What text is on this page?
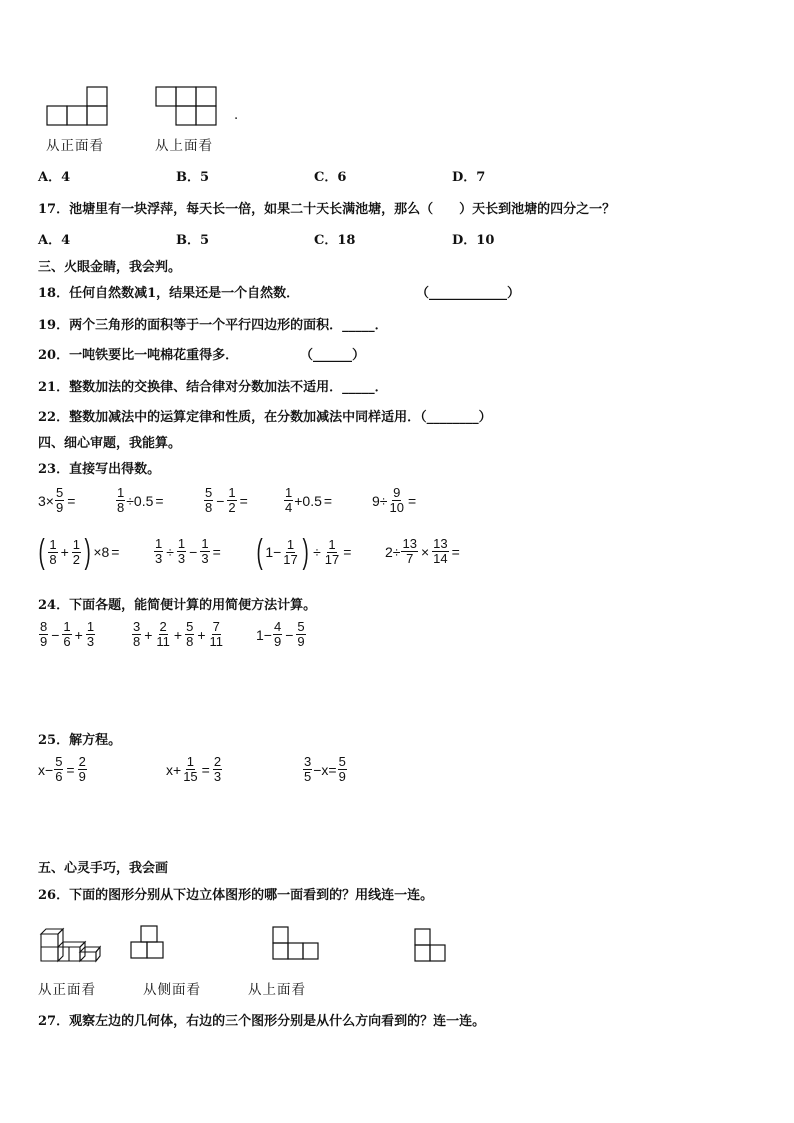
.
从正面看	从上面看
A．4	B．5	C．6	D．7
17．池塘里有一块浮萍，每天长一倍，如果二十天长满池塘，那么（　　）天长到池塘的四分之一？
A．4	B．5	C．18	D．10
三、火眼金睛，我会判。
18．任何自然数减1，结果还是一个自然数．	（____________）
19．两个三角形的面积等于一个平行四边形的面积．_____．
20．一吨铁要比一吨棉花重得多．	（______）
21．整数加法的交换律、结合律对分数加法不适用．_____．
22．整数加减法中的运算定律和性质，在分数加减法中同样适用．（________）
四、细心审题，我能算。
23．直接写出得数。
$3\times \frac{5}{9}$ =	$\frac{1}{8} \div 0.5$ =	$\frac{5}{8} - \frac{1}{2}$ =	$\frac{1}{4} +0.5$ =	$9\div \frac{9}{10}$ =
( $\frac{1}{8} + \frac{1}{2}$ ) ×8 =	$\frac{1}{3} \div \frac{1}{3} - \frac{1}{3}$ = ( $1- \frac{1}{17}$ ) ÷ $\frac{1}{17} = 2\div \frac{13}{7} \times \frac{13}{14}$ =
24．下面各题，能简便计算的用简便方法计算。
$\frac{8}{9} - \frac{1}{6} + \frac{1}{3}$	$\frac{3}{8} + \frac{2}{11} + \frac{5}{8} + \frac{7}{11} 1- \frac{4}{9} - \frac{5}{9}$
25．解方程。
$x- \frac{5}{6} = \frac{2}{9}$	$x+ \frac{1}{15} = \frac{2}{3}$	$\frac{3}{5} -x= \frac{5}{9}$
五、心灵手巧，我会画
26．下面的图形分别从下边立体图形的哪一面看到的？用线连一连。
从正面看	从侧面看	从上面看
27．观察左边的几何体，右边的三个图形分别是从什么方向看到的？连一连。
